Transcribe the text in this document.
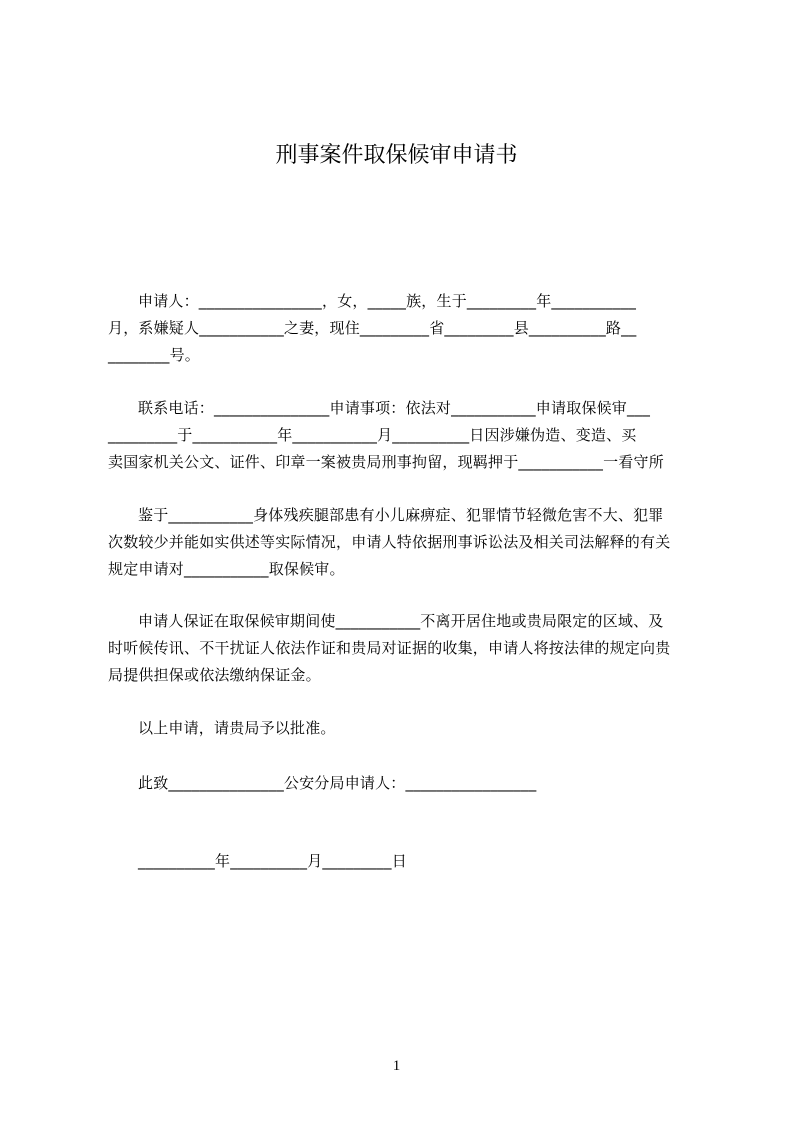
刑事案件取保候审申请书
申请人：________________，女，_____族，生于_________年___________
月，系嫌疑人___________之妻，现住_________省_________县__________路__
________号。
联系电话：_______________申请事项：依法对___________申请取保候审___
_________于___________年___________月__________日因涉嫌伪造、变造、买
卖国家机关公文、证件、印章一案被贵局刑事拘留，现羁押于___________一看守所
鉴于___________身体残疾腿部患有小儿麻痹症、犯罪情节轻微危害不大、犯罪
次数较少并能如实供述等实际情况，申请人特依据刑事诉讼法及相关司法解释的有关
规定申请对___________取保候审。
申请人保证在取保候审期间使___________不离开居住地或贵局限定的区域、及
时听候传讯、不干扰证人依法作证和贵局对证据的收集，申请人将按法律的规定向贵
局提供担保或依法缴纳保证金。
以上申请，请贵局予以批准。
此致_______________公安分局申请人：_________________
__________年__________月_________日
1
